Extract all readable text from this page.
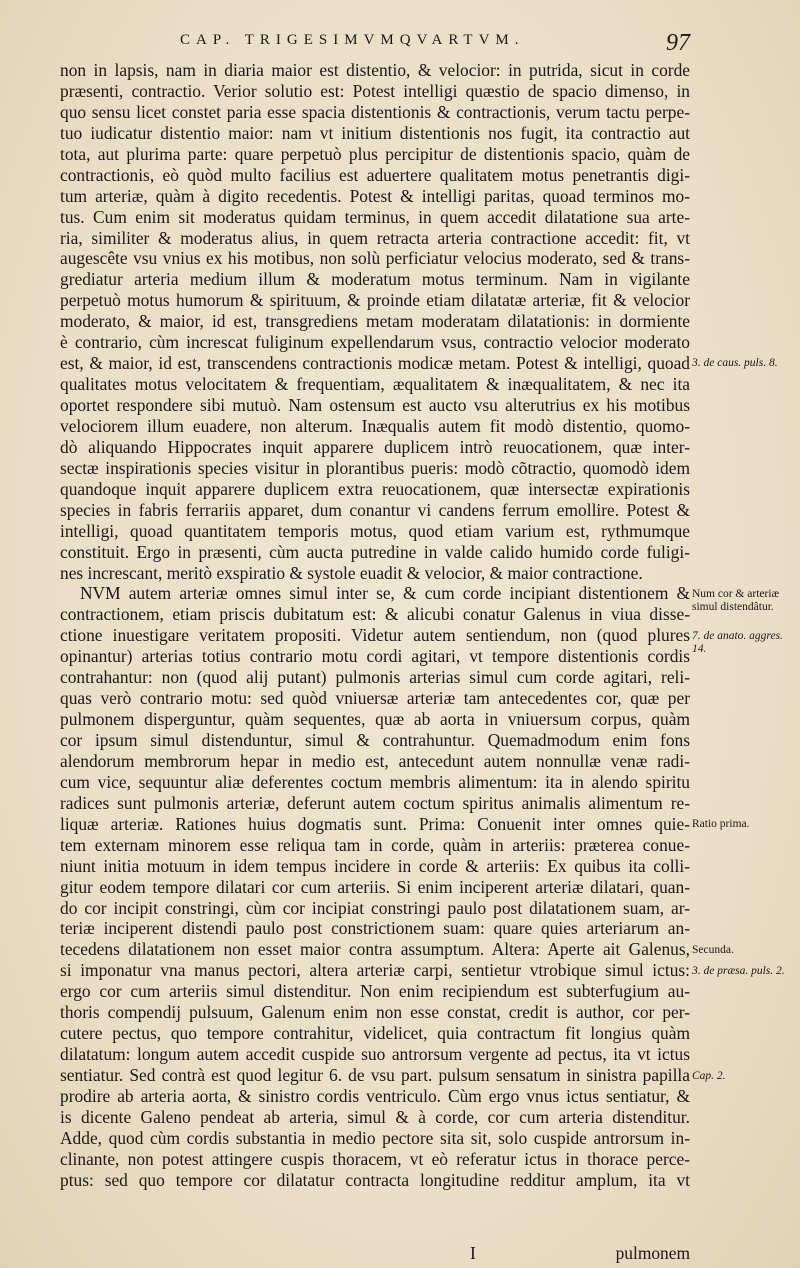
CAP. TRIGESIMVMQVARTVM.	97
non in lapsis, nam in diaria maior est distentio, & velocior: in putrida, sicut in corde
præsenti, contractio. Verior solutio est: Potest intelligi quæstio de spacio dimenso, in
quo sensu licet constet paria esse spacia distentionis & contractionis, verum tactu perpe-
tuo iudicatur distentio maior: nam vt initium distentionis nos fugit, ita contractio aut
tota, aut plurima parte: quare perpetuò plus percipitur de distentionis spacio, quàm de
contractionis, eò quòd multo facilius est aduertere qualitatem motus penetrantis digi-
tum arteriæ, quàm à digito recedentis. Potest & intelligi paritas, quoad terminos mo-
tus. Cum enim sit moderatus quidam terminus, in quem accedit dilatatione sua arte-
ria, similiter & moderatus alius, in quem retracta arteria contractione accedit: fit, vt
augescête vsu vnius ex his motibus, non solù perficiatur velocius moderato, sed & trans-
grediatur arteria medium illum & moderatum motus terminum. Nam in vigilante
perpetuò motus humorum & spirituum, & proinde etiam dilatatæ arteriæ, fit & velocior
moderato, & maior, id est, transgrediens metam moderatam dilatationis: in dormiente
è contrario, cùm increscat fuliginum expellendarum vsus, contractio velocior moderato
est, & maior, id est, transcendens contractionis modicæ metam. Potest & intelligi, quoad
qualitates motus velocitatem & frequentiam, æqualitatem & inæqualitatem, & nec ita
oportet respondere sibi mutuò. Nam ostensum est aucto vsu alterutrius ex his motibus
velociorem illum euadere, non alterum. Inæqualis autem fit modò distentio, quomo-
dò aliquando Hippocrates inquit apparere duplicem intrò reuocationem, quæ inter-
sectæ inspirationis species visitur in plorantibus pueris: modò cõtractio, quomodò idem
quandoque inquit apparere duplicem extra reuocationem, quæ intersectæ expirationis
species in fabris ferrariis apparet, dum conantur vi candens ferrum emollire. Potest &
intelligi, quoad quantitatem temporis motus, quod etiam varium est, rythmumque
constituit. Ergo in præsenti, cùm aucta putredine in valde calido humido corde fuligi-
nes increscant, meritò exspiratio & systole euadit & velocior, & maior contractione.
NVM autem arteriæ omnes simul inter se, & cum corde incipiant distentionem &
contractionem, etiam priscis dubitatum est: & alicubi conatur Galenus in viua disse-
ctione inuestigare veritatem propositi. Videtur autem sentiendum, non (quod plures
opinantur) arterias totius contrario motu cordi agitari, vt tempore distentionis cordis
contrahantur: non (quod alij putant) pulmonis arterias simul cum corde agitari, reli-
quas verò contrario motu: sed quòd vniuersæ arteriæ tam antecedentes cor, quæ per
pulmonem disperguntur, quàm sequentes, quæ ab aorta in vniuersum corpus, quàm
cor ipsum simul distenduntur, simul & contrahuntur. Quemadmodum enim fons
alendorum membrorum hepar in medio est, antecedunt autem nonnullæ venæ radi-
cum vice, sequuntur aliæ deferentes coctum membris alimentum: ita in alendo spiritu
radices sunt pulmonis arteriæ, deferunt autem coctum spiritus animalis alimentum re-
liquæ arteriæ. Rationes huius dogmatis sunt. Prima: Conuenit inter omnes quie-
tem externam minorem esse reliqua tam in corde, quàm in arteriis: præterea conue-
niunt initia motuum in idem tempus incidere in corde & arteriis: Ex quibus ita colli-
gitur eodem tempore dilatari cor cum arteriis. Si enim inciperent arteriæ dilatari, quan-
do cor incipit constringi, cùm cor incipiat constringi paulo post dilatationem suam, ar-
teriæ inciperent distendi paulo post constrictionem suam: quare quies arteriarum an-
tecedens dilatationem non esset maior contra assumptum. Altera: Aperte ait Galenus,
si imponatur vna manus pectori, altera arteriæ carpi, sentietur vtrobique simul ictus:
ergo cor cum arteriis simul distenditur. Non enim recipiendum est subterfugium au-
thoris compendij pulsuum, Galenum enim non esse constat, credit is author, cor per-
cutere pectus, quo tempore contrahitur, videlicet, quia contractum fit longius quàm
dilatatum: longum autem accedit cuspide suo antrorsum vergente ad pectus, ita vt ictus
sentiatur. Sed contrà est quod legitur 6. de vsu part. pulsum sensatum in sinistra papilla
prodire ab arteria aorta, & sinistro cordis ventriculo. Cùm ergo vnus ictus sentiatur, &
is dicente Galeno pendeat ab arteria, simul & à corde, cor cum arteria distenditur.
Adde, quod cùm cordis substantia in medio pectore sita sit, solo cuspide antrorsum in-
clinante, non potest attingere cuspis thoracem, vt eò referatur ictus in thorace perce-
ptus: sed quo tempore cor dilatatur contracta longitudine redditur amplum, ita vt
3. de caus. puls. 8.
Num cor & arteriæ simul distendâtur.
7. de anato. aggres. 14.
Ratio prima.
Secunda.
3. de præsa. puls. 2.
Cap. 2.
I	pulmonem
